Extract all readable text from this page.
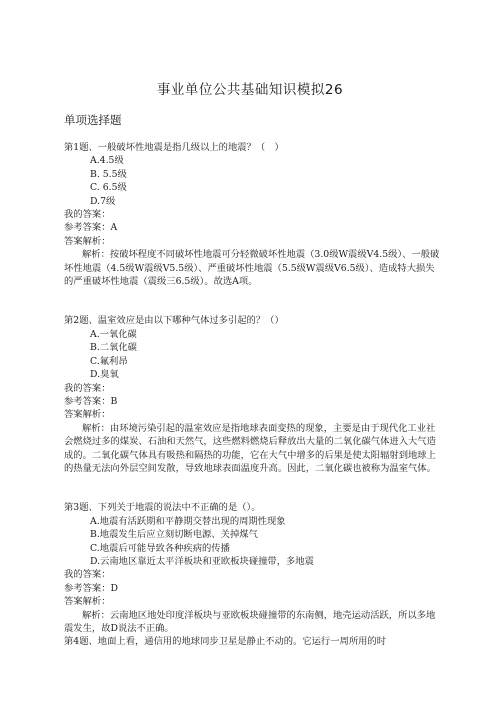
事业单位公共基础知识模拟26
单项选择题
第1题、一般破坏性地震是指几级以上的地震？（　）
A.4.5级
B. 5.5级
C. 6.5级
D.7级
我的答案：
参考答案：A
答案解析：
解析：按破坏程度不同破坏性地震可分轻微破坏性地震（3.0级W震级V4.5级）、一般破坏性地震（4.5级W震级V5.5级）、严重破坏性地震（5.5级W震级V6.5级）、造成特大损失的严重破坏性地震（震级三6.5级）。故选A项。
第2题、温室效应是由以下哪种气体过多引起的？（）
A.一氧化碳
B.二氧化碳
C.氟利昂
D.臭氧
我的答案：
参考答案：B
答案解析：
解析：由环境污染引起的温室效应是指地球表面变热的现象，主要是由于现代化工业社会燃烧过多的煤炭、石油和天然气，这些燃料燃烧后释放出大量的二氧化碳气体进入大气造成的。二氧化碳气体具有吸热和隔热的功能，它在大气中增多的后果是使太阳辐射到地球上的热量无法向外层空间发散，导致地球表面温度升高。因此，二氧化碳也被称为温室气体。
第3题、下列关于地震的说法中不正确的是（）。
A.地震有活跃期和平静期交替出现的周期性现象
B.地震发生后应立刻切断电源、关掉煤气
C.地震后可能导致各种疾病的传播
D.云南地区靠近太平洋板块和亚欧板块碰撞带，多地震
我的答案：
参考答案：D
答案解析：
解析：云南地区地处印度洋板块与亚欧板块碰撞带的东南侧，地壳运动活跃，所以多地震发生，故D说法不正确。
第4题、地面上看，通信用的地球同步卫星是静止不动的。它运行一周所用的时
